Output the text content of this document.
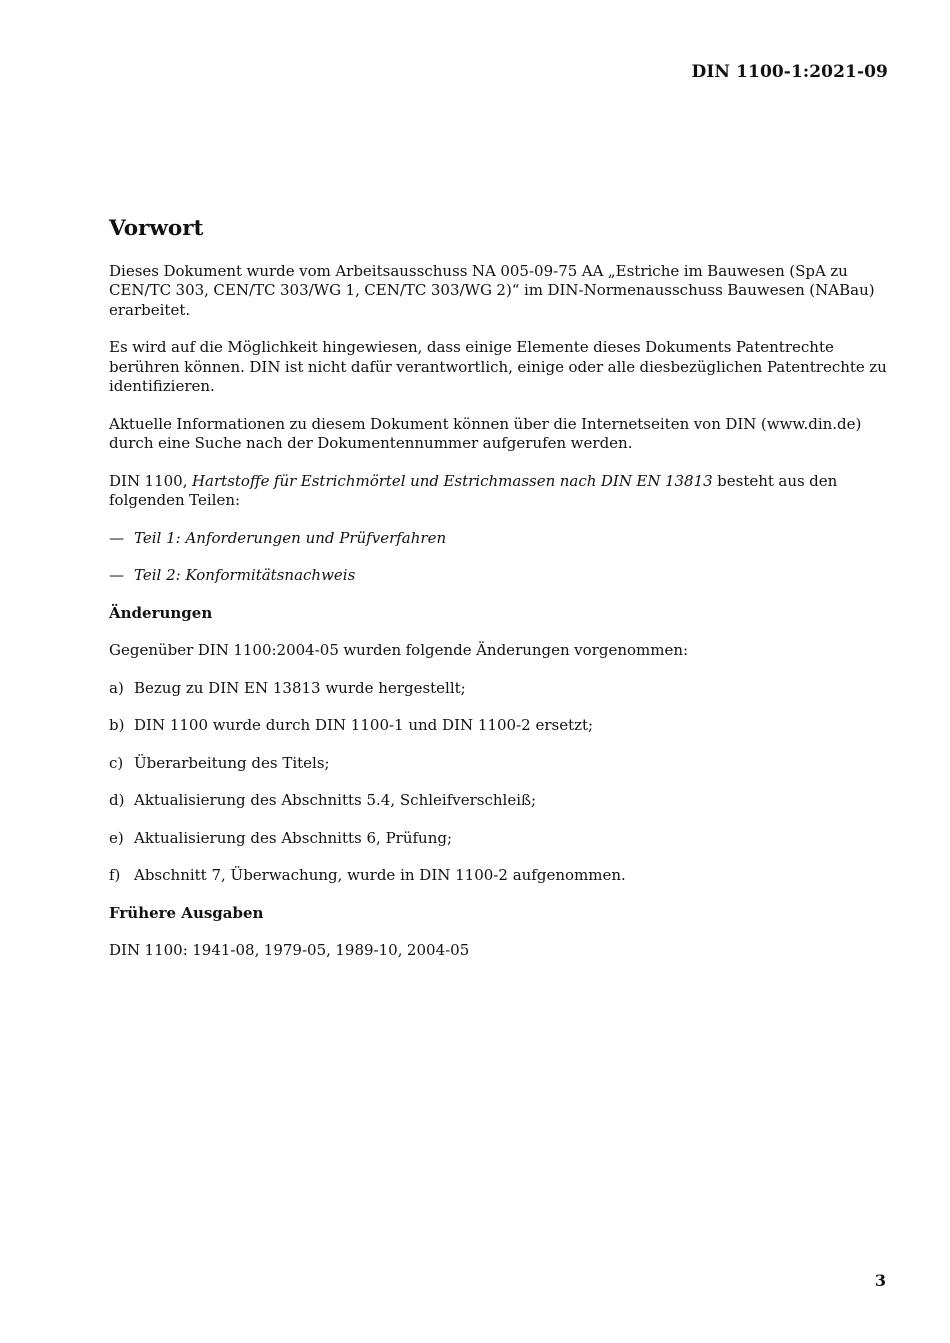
DIN 1100-1:2021-09
Vorwort

Dieses Dokument wurde vom Arbeitsausschuss NA 005-09-75 AA „Estriche im Bauwesen (SpA zu CEN/TC 303, CEN/TC 303/WG 1, CEN/TC 303/WG 2)“ im DIN-Normenausschuss Bauwesen (NABau) erarbeitet.

Es wird auf die Möglichkeit hingewiesen, dass einige Elemente dieses Dokuments Patentrechte berühren können. DIN ist nicht dafür verantwortlich, einige oder alle diesbezüglichen Patentrechte zu identifizieren.

Aktuelle Informationen zu diesem Dokument können über die Internetseiten von DIN (www.din.de) durch eine Suche nach der Dokumentennummer aufgerufen werden.

DIN 1100, Hartstoffe für Estrichmörtel und Estrichmassen nach DIN EN 13813 besteht aus den folgenden Teilen:

— Teil 1: Anforderungen und Prüfverfahren
— Teil 2: Konformitätsnachweis
Änderungen

Gegenüber DIN 1100:2004-05 wurden folgende Änderungen vorgenommen:

a) Bezug zu DIN EN 13813 wurde hergestellt;
b) DIN 1100 wurde durch DIN 1100-1 und DIN 1100-2 ersetzt;
c) Überarbeitung des Titels;
d) Aktualisierung des Abschnitts 5.4, Schleifverschleiß;
e) Aktualisierung des Abschnitts 6, Prüfung;
f) Abschnitt 7, Überwachung, wurde in DIN 1100-2 aufgenommen.
Frühere Ausgaben

DIN 1100: 1941-08, 1979-05, 1989-10, 2004-05

3
